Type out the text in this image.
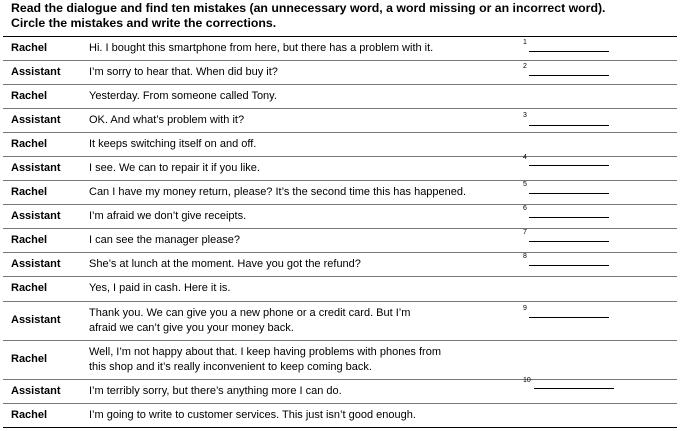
Read the dialogue and find ten mistakes (an unnecessary word, a word missing or an incorrect word).
Circle the mistakes and write the corrections.
Rachel	Hi. I bought this smartphone from here, but there has a problem with it.	1

Assistant	I’m sorry to hear that. When did buy it?	2

Rachel	Yesterday. From someone called Tony.	
Assistant	OK. And what’s problem with it?	3

Rachel	It keeps switching itself on and off.	
Assistant	I see. We can to repair it if you like.	4

Rachel	Can I have my money return, please? It’s the second time this has happened.	5

Assistant	I’m afraid we don’t give receipts.	6

Rachel	I can see the manager please?	7

Assistant	She’s at lunch at the moment. Have you got the refund?	8

Rachel	Yes, I paid in cash. Here it is.	
Assistant	Thank you. We can give you a new phone or a credit card. But I’m
afraid we can’t give you your money back.	9

Rachel	Well, I’m not happy about that. I keep having problems with phones from
this shop and it’s really inconvenient to keep coming back.	

Assistant	I’m terribly sorry, but there’s anything more I can do.	10

Rachel	I’m going to write to customer services. This just isn’t good enough.	
